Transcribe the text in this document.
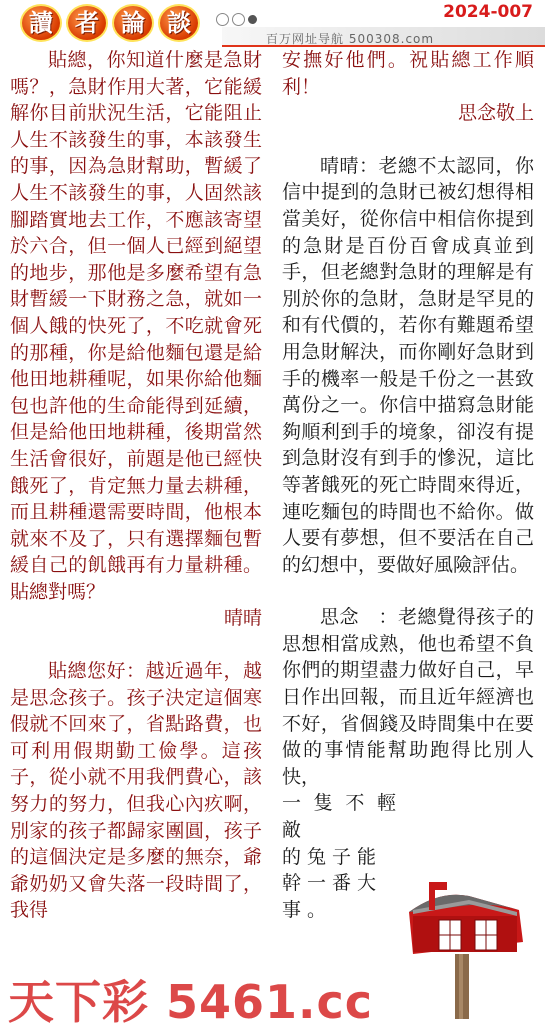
讀 者 論 談	2024-007
百万网址导航 500308.com

貼總，你知道什麼是急財嗎？，急財作用大著，它能緩解你目前狀況生活，它能阻止人生不該發生的事，本該發生的事，因為急財幫助，暫緩了人生不該發生的事，人固然該腳踏實地去工作，不應該寄望於六合，但一個人已經到絕望的地步，那他是多麼希望有急財暫緩一下財務之急，就如一個人餓的快死了，不吃就會死的那種，你是給他麵包還是給他田地耕種呢，如果你給他麵包也許他的生命能得到延續，但是給他田地耕種，後期當然生活會很好，前題是他已經快餓死了，肯定無力量去耕種，而且耕種還需要時間，他根本就來不及了，只有選擇麵包暫緩自己的飢餓再有力量耕種。貼總對嗎？

晴晴

貼總您好：越近過年，越是思念孩子。孩子決定這個寒假就不回來了，省點路費，也可利用假期勤工儉學。這孩子，從小就不用我們費心，該努力的努力，但我心內疚啊，別家的孩子都歸家團圓，孩子的這個決定是多麼的無奈，爺爺奶奶又會失落一段時間了，我得

安撫好他們。祝貼總工作順利！

思念敬上

晴晴：老總不太認同，你信中提到的急財已被幻想得相當美好，從你信中相信你提到的急財是百份百會成真並到手，但老總對急財的理解是有別於你的急財，急財是罕見的和有代價的，若你有難題希望用急財解決，而你剛好急財到手的機率一般是千份之一甚致萬份之一。你信中描寫急財能夠順利到手的境象，卻沒有提到急財沒有到手的慘況，這比等著餓死的死亡時間來得近，連吃麵包的時間也不給你。做人要有夢想，但不要活在自己的幻想中，要做好風險評估。

思念　：老總覺得孩子的思想相當成熟，他也希望不負你們的期望盡力做好自己，早日作出回報，而且近年經濟也不好，省個錢及時間集中在要做的事情能幫助跑得比別人快，

一隻不輕敵
的兔子能
幹一番大
事。

天下彩 5461.cc
